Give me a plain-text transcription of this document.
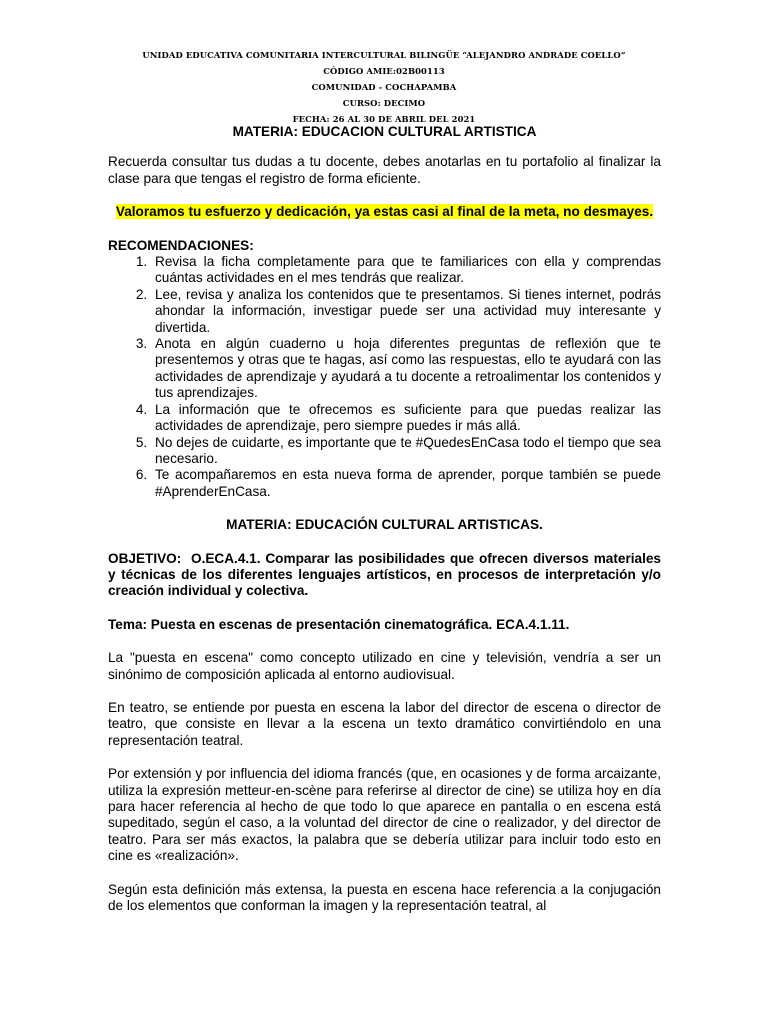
UNIDAD EDUCATIVA COMUNITARIA INTERCULTURAL BILINGÜE “ALEJANDRO ANDRADE COELLO”
CÓDIGO AMIE:02B00113
COMUNIDAD - COCHAPAMBA
CURSO: DECIMO
FECHA: 26 AL 30 DE ABRIL DEL 2021

MATERIA: EDUCACION CULTURAL ARTISTICA

Recuerda consultar tus dudas a tu docente, debes anotarlas en tu portafolio al finalizar la clase para que tengas el registro de forma eficiente.

Valoramos tu esfuerzo y dedicación, ya estas casi al final de la meta, no desmayes.

RECOMENDACIONES:

1. Revisa la ficha completamente para que te familiarices con ella y comprendas cuántas actividades en el mes tendrás que realizar.
2. Lee, revisa y analiza los contenidos que te presentamos. Si tienes internet, podrás ahondar la información, investigar puede ser una actividad muy interesante y divertida.
3. Anota en algún cuaderno u hoja diferentes preguntas de reflexión que te presentemos y otras que te hagas, así como las respuestas, ello te ayudará con las actividades de aprendizaje y ayudará a tu docente a retroalimentar los contenidos y tus aprendizajes.
4. La información que te ofrecemos es suficiente para que puedas realizar las actividades de aprendizaje, pero siempre puedes ir más allá.
5. No dejes de cuidarte, es importante que te #QuedesEnCasa todo el tiempo que sea necesario.
6. Te acompañaremos en esta nueva forma de aprender, porque también se puede #AprenderEnCasa.

MATERIA: EDUCACIÓN CULTURAL ARTISTICAS.

OBJETIVO: O.ECA.4.1. Comparar las posibilidades que ofrecen diversos materiales y técnicas de los diferentes lenguajes artísticos, en procesos de interpretación y/o creación individual y colectiva.

Tema: Puesta en escenas de presentación cinematográfica. ECA.4.1.11.

La "puesta en escena" como concepto utilizado en cine y televisión, vendría a ser un sinónimo de composición aplicada al entorno audiovisual.

En teatro, se entiende por puesta en escena la labor del director de escena o director de teatro, que consiste en llevar a la escena un texto dramático convirtiéndolo en una representación teatral.

Por extensión y por influencia del idioma francés (que, en ocasiones y de forma arcaizante, utiliza la expresión metteur-en-scène para referirse al director de cine) se utiliza hoy en día para hacer referencia al hecho de que todo lo que aparece en pantalla o en escena está supeditado, según el caso, a la voluntad del director de cine o realizador, y del director de teatro. Para ser más exactos, la palabra que se debería utilizar para incluir todo esto en cine es «realización».

Según esta definición más extensa, la puesta en escena hace referencia a la conjugación de los elementos que conforman la imagen y la representación teatral, al
